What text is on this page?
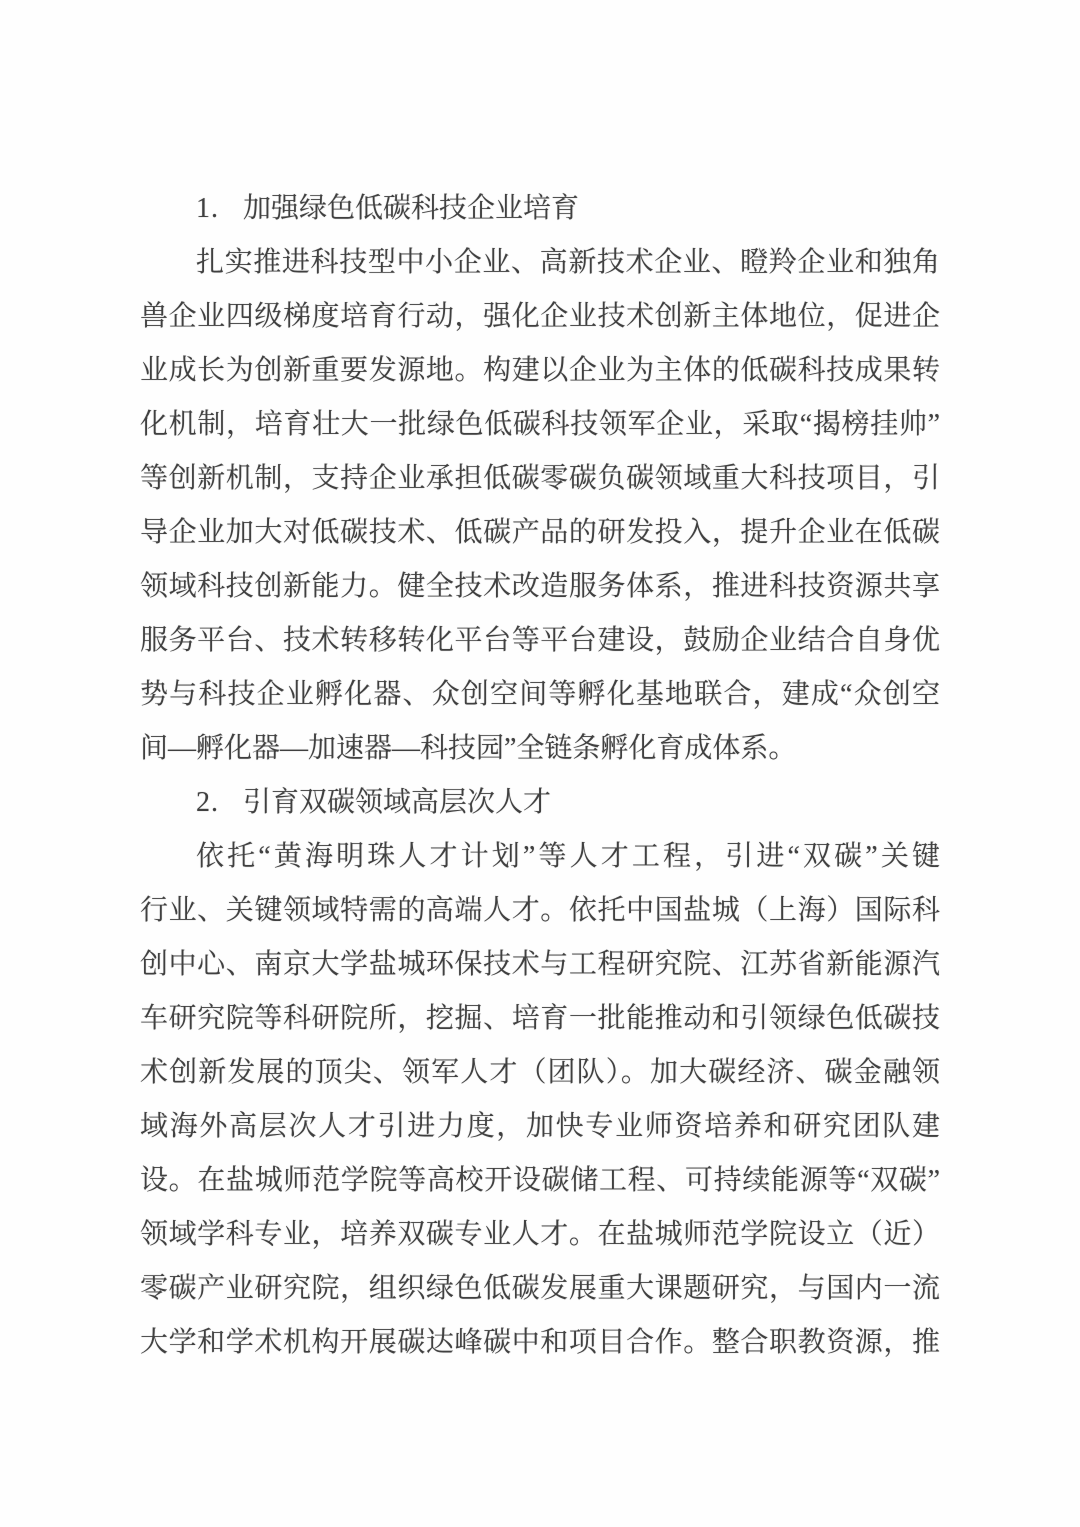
1. 加强绿色低碳科技企业培育
扎实推进科技型中小企业、高新技术企业、瞪羚企业和独角
兽企业四级梯度培育行动，强化企业技术创新主体地位，促进企
业成长为创新重要发源地。构建以企业为主体的低碳科技成果转
化机制，培育壮大一批绿色低碳科技领军企业，采取“揭榜挂帅”
等创新机制，支持企业承担低碳零碳负碳领域重大科技项目，引
导企业加大对低碳技术、低碳产品的研发投入，提升企业在低碳
领域科技创新能力。健全技术改造服务体系，推进科技资源共享
服务平台、技术转移转化平台等平台建设，鼓励企业结合自身优
势与科技企业孵化器、众创空间等孵化基地联合，建成“众创空
间—孵化器—加速器—科技园”全链条孵化育成体系。
2. 引育双碳领域高层次人才
依托“黄海明珠人才计划”等人才工程，引进“双碳”关键
行业、关键领域特需的高端人才。依托中国盐城（上海）国际科
创中心、南京大学盐城环保技术与工程研究院、江苏省新能源汽
车研究院等科研院所，挖掘、培育一批能推动和引领绿色低碳技
术创新发展的顶尖、领军人才（团队）。加大碳经济、碳金融领
域海外高层次人才引进力度，加快专业师资培养和研究团队建
设。在盐城师范学院等高校开设碳储工程、可持续能源等“双碳”
领域学科专业，培养双碳专业人才。在盐城师范学院设立（近）
零碳产业研究院，组织绿色低碳发展重大课题研究，与国内一流
大学和学术机构开展碳达峰碳中和项目合作。整合职教资源，推
